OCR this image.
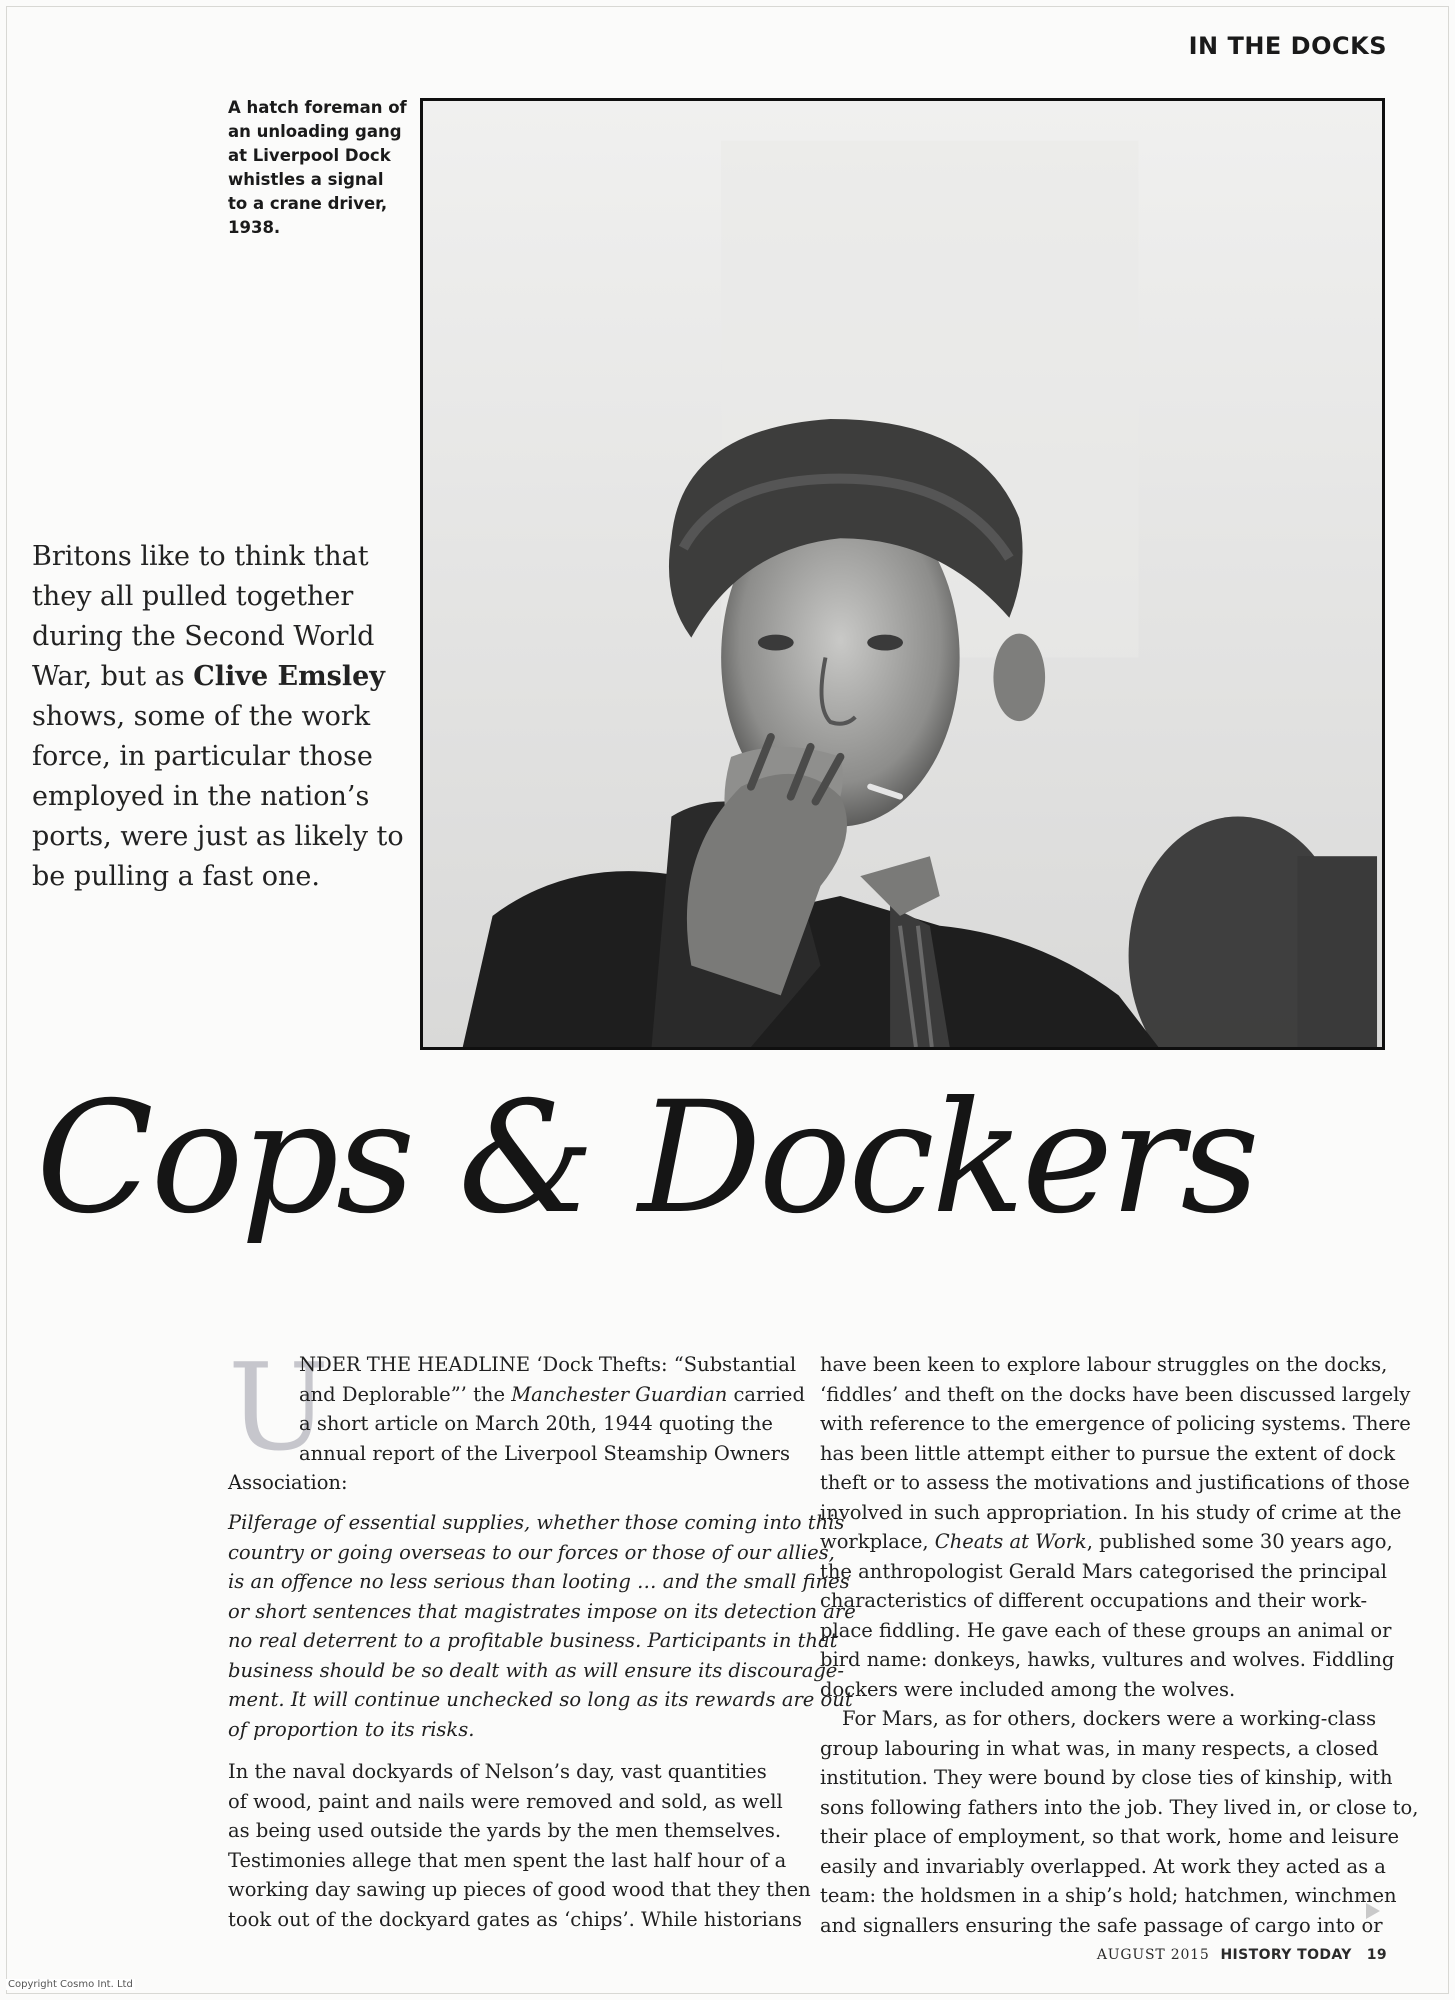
IN THE DOCKS
A hatch foreman of an unloading gang at Liverpool Dock whistles a signal to a crane driver, 1938.

Britons like to think that
they all pulled together
during the Second World
War, but as Clive Emsley
shows, some of the work
force, in particular those
employed in the nation’s
ports, were just as likely to
be pulling a fast one.

Cops & Dockers
U
NDER THE HEADLINE ‘Dock Thefts: “Substantial
and Deplorable”’ the Manchester Guardian carried
a short article on March 20th, 1944 quoting the
annual report of the Liverpool Steamship Owners
Association:
Pilferage of essential supplies, whether those coming into this
country or going overseas to our forces or those of our allies,
is an offence no less serious than looting … and the small fines
or short sentences that magistrates impose on its detection are
no real deterrent to a profitable business. Participants in that
business should be so dealt with as will ensure its discourage-
ment. It will continue unchecked so long as its rewards are out
of proportion to its risks.
In the naval dockyards of Nelson’s day, vast quantities
of wood, paint and nails were removed and sold, as well
as being used outside the yards by the men themselves.
Testimonies allege that men spent the last half hour of a
working day sawing up pieces of good wood that they then
took out of the dockyard gates as ‘chips’. While historians
have been keen to explore labour struggles on the docks,
‘fiddles’ and theft on the docks have been discussed largely
with reference to the emergence of policing systems. There
has been little attempt either to pursue the extent of dock
theft or to assess the motivations and justifications of those
involved in such appropriation. In his study of crime at the
workplace, Cheats at Work, published some 30 years ago,
the anthropologist Gerald Mars categorised the principal
characteristics of different occupations and their work-
place fiddling. He gave each of these groups an animal or
bird name: donkeys, hawks, vultures and wolves. Fiddling
dockers were included among the wolves.
For Mars, as for others, dockers were a working-class
group labouring in what was, in many respects, a closed
institution. They were bound by close ties of kinship, with
sons following fathers into the job. They lived in, or close to,
their place of employment, so that work, home and leisure
easily and invariably overlapped. At work they acted as a
team: the holdsmen in a ship’s hold; hatchmen, winchmen
and signallers ensuring the safe passage of cargo into or
AUGUST 2015 HISTORY TODAY 19
Copyright Cosmo Int. Ltd
